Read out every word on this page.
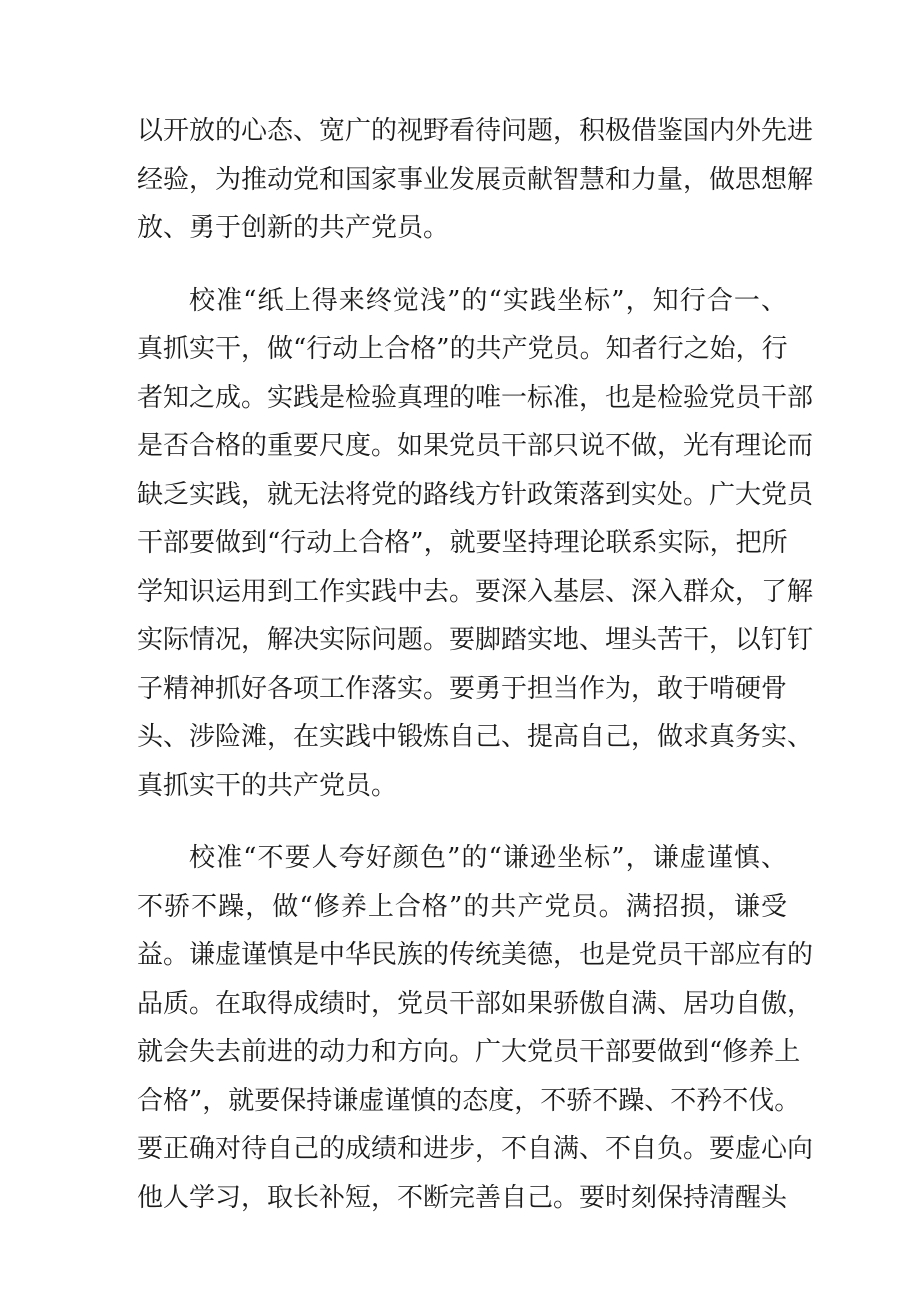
以开放的心态、宽广的视野看待问题，积极借鉴国内外先进
经验，为推动党和国家事业发展贡献智慧和力量，做思想解
放、勇于创新的共产党员。
校准“纸上得来终觉浅”的“实践坐标”，知行合一、
真抓实干，做“行动上合格”的共产党员。知者行之始，行
者知之成。实践是检验真理的唯一标准，也是检验党员干部
是否合格的重要尺度。如果党员干部只说不做，光有理论而
缺乏实践，就无法将党的路线方针政策落到实处。广大党员
干部要做到“行动上合格”，就要坚持理论联系实际，把所
学知识运用到工作实践中去。要深入基层、深入群众，了解
实际情况，解决实际问题。要脚踏实地、埋头苦干，以钉钉
子精神抓好各项工作落实。要勇于担当作为，敢于啃硬骨
头、涉险滩，在实践中锻炼自己、提高自己，做求真务实、
真抓实干的共产党员。
校准“不要人夸好颜色”的“谦逊坐标”，谦虚谨慎、
不骄不躁，做“修养上合格”的共产党员。满招损，谦受
益。谦虚谨慎是中华民族的传统美德，也是党员干部应有的
品质。在取得成绩时，党员干部如果骄傲自满、居功自傲，
就会失去前进的动力和方向。广大党员干部要做到“修养上
合格”，就要保持谦虚谨慎的态度，不骄不躁、不矜不伐。
要正确对待自己的成绩和进步，不自满、不自负。要虚心向
他人学习，取长补短，不断完善自己。要时刻保持清醒头
